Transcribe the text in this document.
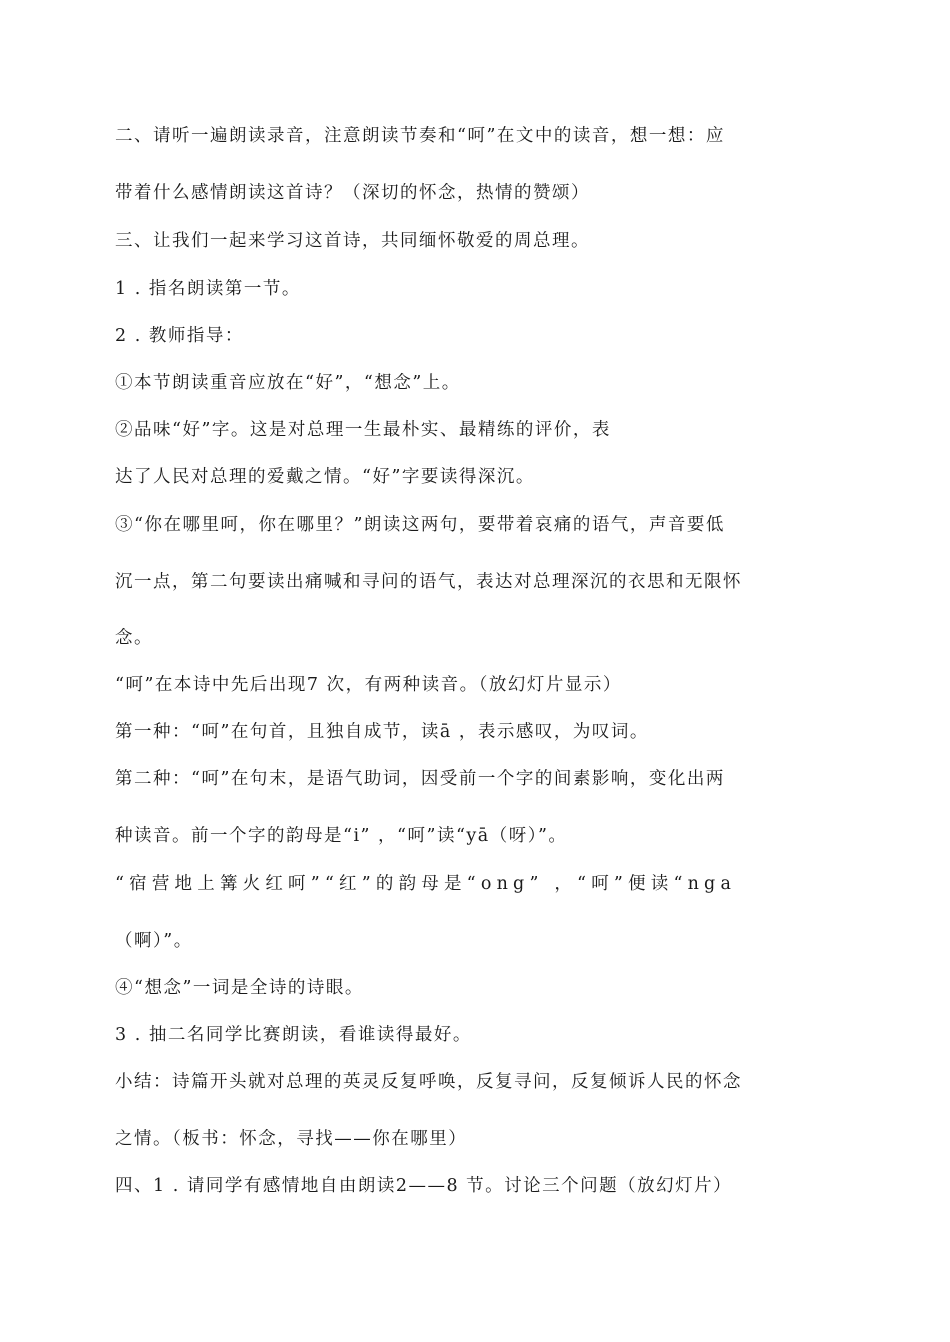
二、请听一遍朗读录音，注意朗读节奏和“呵”在文中的读音，想一想：应

带着什么感情朗读这首诗？（深切的怀念，热情的赞颂）

三、让我们一起来学习这首诗，共同缅怀敬爱的周总理。

1 . 指名朗读第一节。

2 . 教师指导：

①本节朗读重音应放在“好”，“想念”上。

②品味“好”字。这是对总理一生最朴实、最精练的评价，表

达了人民对总理的爱戴之情。“好”字要读得深沉。

③“你在哪里呵，你在哪里？”朗读这两句，要带着哀痛的语气，声音要低

沉一点，第二句要读出痛喊和寻问的语气，表达对总理深沉的衣思和无限怀

念。

“呵”在本诗中先后出现7 次，有两种读音。（放幻灯片显示）

第一种：“呵”在句首，且独自成节，读ā ，表示感叹，为叹词。

第二种：“呵”在句末，是语气助词，因受前一个字的间素影响，变化出两

种读音。前一个字的韵母是“i” ，“呵”读“yā（呀）”。

“宿营地上篝火红呵”“红”的韵母是“ong” ，“呵”便读“nga

（啊）”。

④“想念”一词是全诗的诗眼。

3 . 抽二名同学比赛朗读，看谁读得最好。

小结：诗篇开头就对总理的英灵反复呼唤，反复寻问，反复倾诉人民的怀念

之情。（板书：怀念，寻找——你在哪里）

四、1 . 请同学有感情地自由朗读2——8 节。讨论三个问题（放幻灯片）
